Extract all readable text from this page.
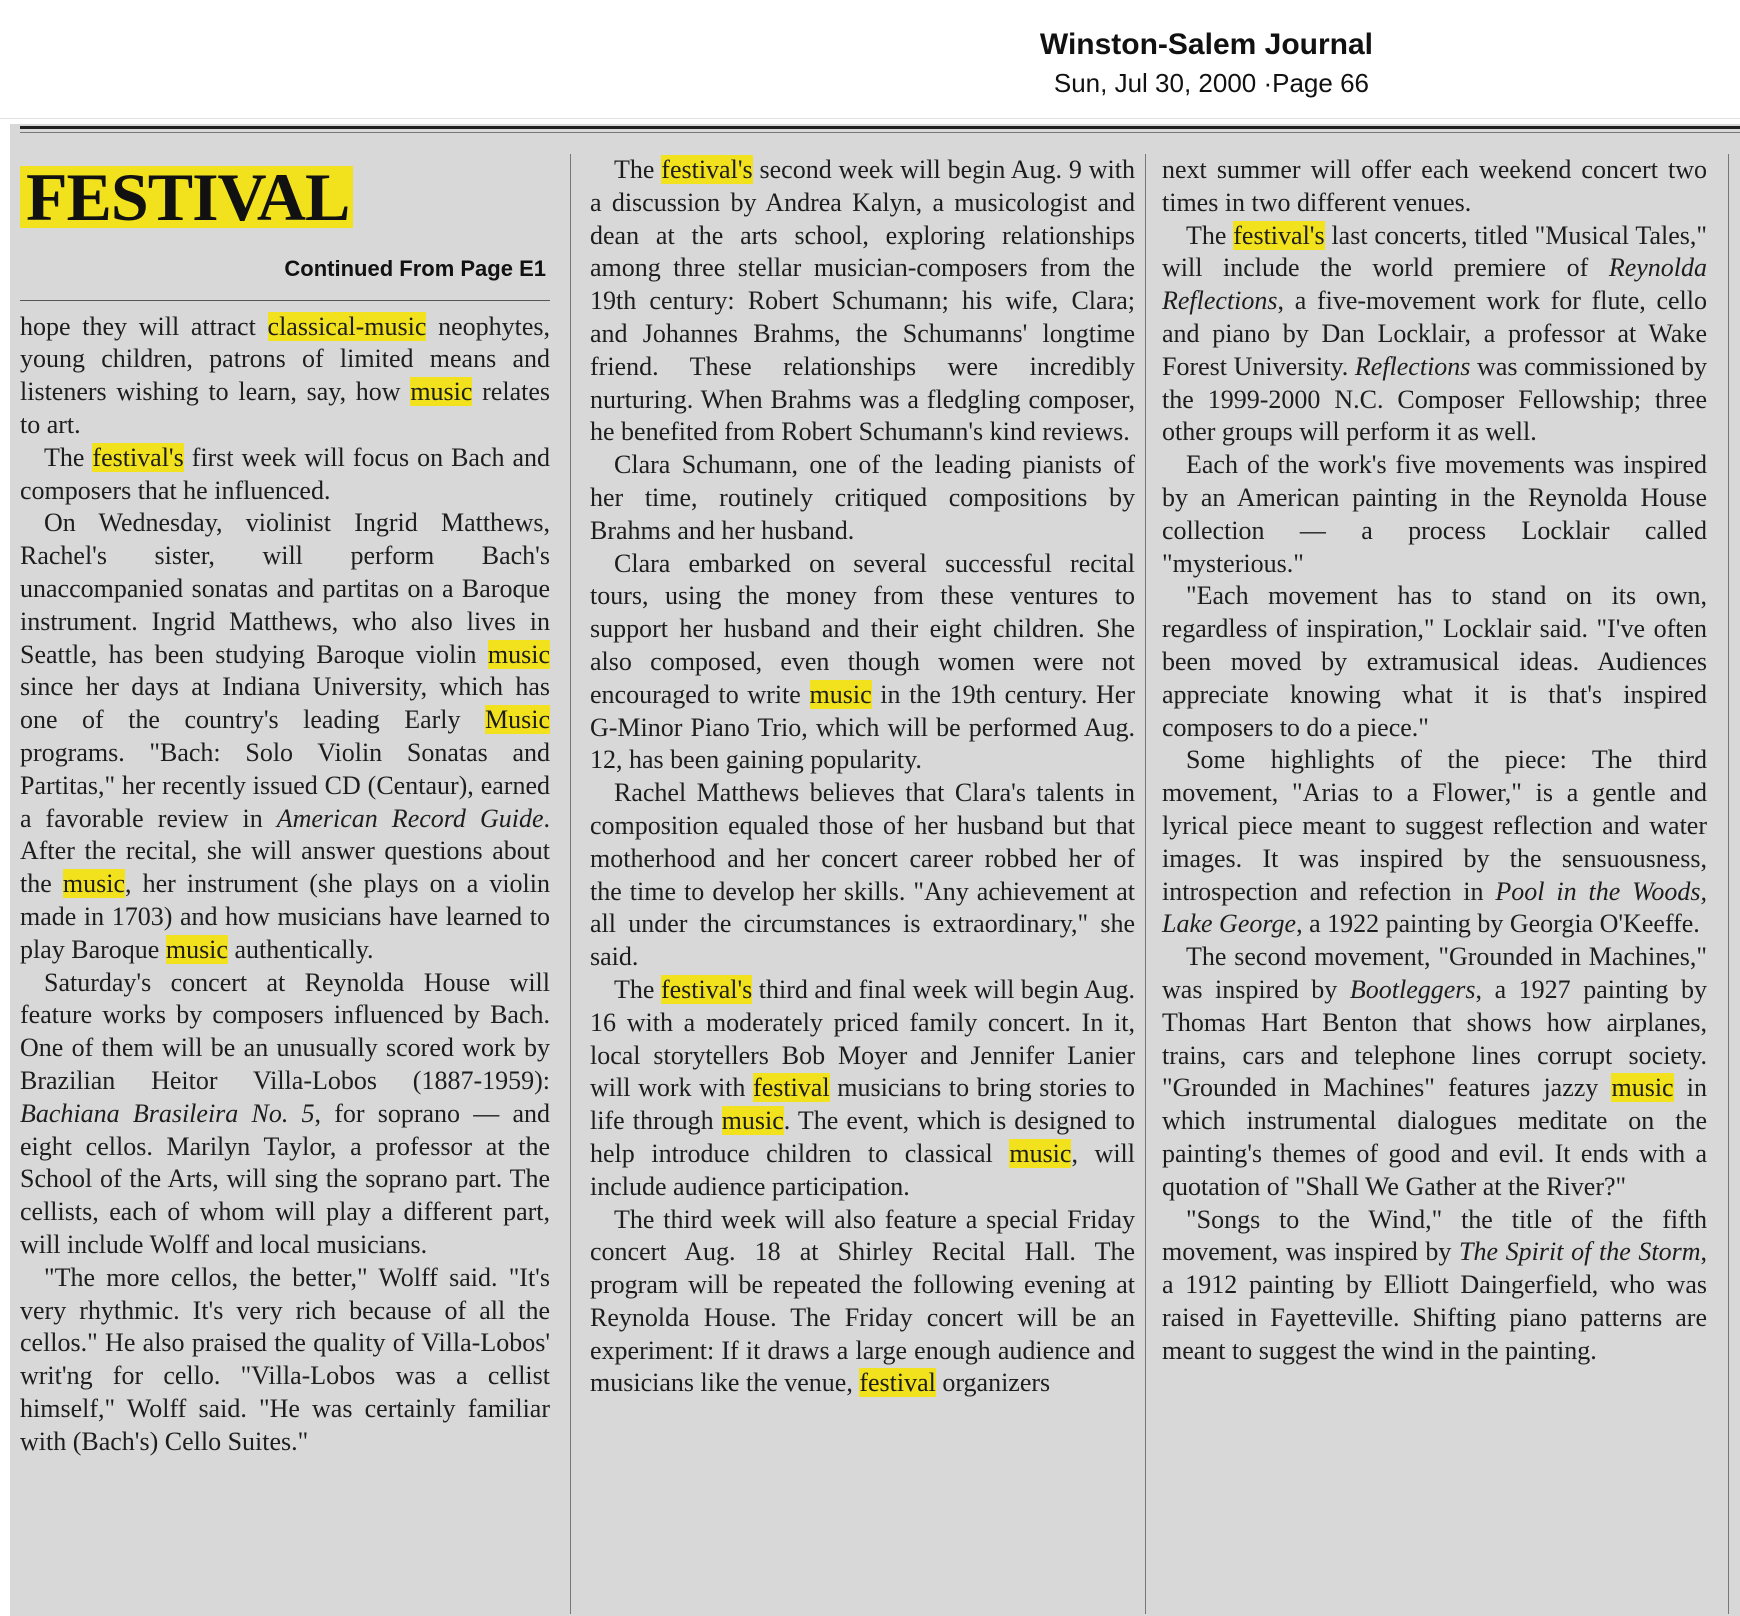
Winston-Salem Journal
Sun, Jul 30, 2000 ·Page 66
FESTIVAL
Continued From Page E1

hope they will attract classical-music neophytes, young children, patrons of limited means and listeners wishing to learn, say, how music relates to art.

The festival's first week will focus on Bach and composers that he influenced.

On Wednesday, violinist Ingrid Matthews, Rachel's sister, will perform Bach's unaccompanied sonatas and partitas on a Baroque instrument. Ingrid Matthews, who also lives in Seattle, has been studying Baroque violin music since her days at Indiana University, which has one of the country's leading Early Music programs. "Bach: Solo Violin Sonatas and Partitas," her recently issued CD (Centaur), earned a favorable review in American Record Guide. After the recital, she will answer questions about the music, her instrument (she plays on a violin made in 1703) and how musicians have learned to play Baroque music authentically.

Saturday's concert at Reynolda House will feature works by composers influenced by Bach. One of them will be an unusually scored work by Brazilian Heitor Villa-Lobos (1887-1959): Bachiana Brasileira No. 5, for soprano — and eight cellos. Marilyn Taylor, a professor at the School of the Arts, will sing the soprano part. The cellists, each of whom will play a different part, will include Wolff and local musicians.

"The more cellos, the better," Wolff said. "It's very rhythmic. It's very rich because of all the cellos." He also praised the quality of Villa-Lobos' writ'ng for cello. "Villa-Lobos was a cellist himself," Wolff said. "He was certainly familiar with (Bach's) Cello Suites."

The festival's second week will begin Aug. 9 with a discussion by Andrea Kalyn, a musicologist and dean at the arts school, exploring relationships among three stellar musician-composers from the 19th century: Robert Schumann; his wife, Clara; and Johannes Brahms, the Schumanns' longtime friend. These relationships were incredibly nurturing. When Brahms was a fledgling composer, he benefited from Robert Schumann's kind reviews.

Clara Schumann, one of the leading pianists of her time, routinely critiqued compositions by Brahms and her husband.

Clara embarked on several successful recital tours, using the money from these ventures to support her husband and their eight children. She also composed, even though women were not encouraged to write music in the 19th century. Her G-Minor Piano Trio, which will be performed Aug. 12, has been gaining popularity.

Rachel Matthews believes that Clara's talents in composition equaled those of her husband but that motherhood and her concert career robbed her of the time to develop her skills. "Any achievement at all under the circumstances is extraordinary," she said.

The festival's third and final week will begin Aug. 16 with a moderately priced family concert. In it, local storytellers Bob Moyer and Jennifer Lanier will work with festival musicians to bring stories to life through music. The event, which is designed to help introduce children to classical music, will include audience participation.

The third week will also feature a special Friday concert Aug. 18 at Shirley Recital Hall. The program will be repeated the following evening at Reynolda House. The Friday concert will be an experiment: If it draws a large enough audience and musicians like the venue, festival organizers

next summer will offer each weekend concert two times in two different venues.

The festival's last concerts, titled "Musical Tales," will include the world premiere of Reynolda Reflections, a five-movement work for flute, cello and piano by Dan Locklair, a professor at Wake Forest University. Reflections was commissioned by the 1999-2000 N.C. Composer Fellowship; three other groups will perform it as well.

Each of the work's five movements was inspired by an American painting in the Reynolda House collection — a process Locklair called "mysterious."

"Each movement has to stand on its own, regardless of inspiration," Locklair said. "I've often been moved by extramusical ideas. Audiences appreciate knowing what it is that's inspired composers to do a piece."

Some highlights of the piece: The third movement, "Arias to a Flower," is a gentle and lyrical piece meant to suggest reflection and water images. It was inspired by the sensuousness, introspection and refection in Pool in the Woods, Lake George, a 1922 painting by Georgia O'Keeffe.

The second movement, "Grounded in Machines," was inspired by Bootleggers, a 1927 painting by Thomas Hart Benton that shows how airplanes, trains, cars and telephone lines corrupt society. "Grounded in Machines" features jazzy music in which instrumental dialogues meditate on the painting's themes of good and evil. It ends with a quotation of "Shall We Gather at the River?"

"Songs to the Wind," the title of the fifth movement, was inspired by The Spirit of the Storm, a 1912 painting by Elliott Daingerfield, who was raised in Fayetteville. Shifting piano patterns are meant to suggest the wind in the painting.
